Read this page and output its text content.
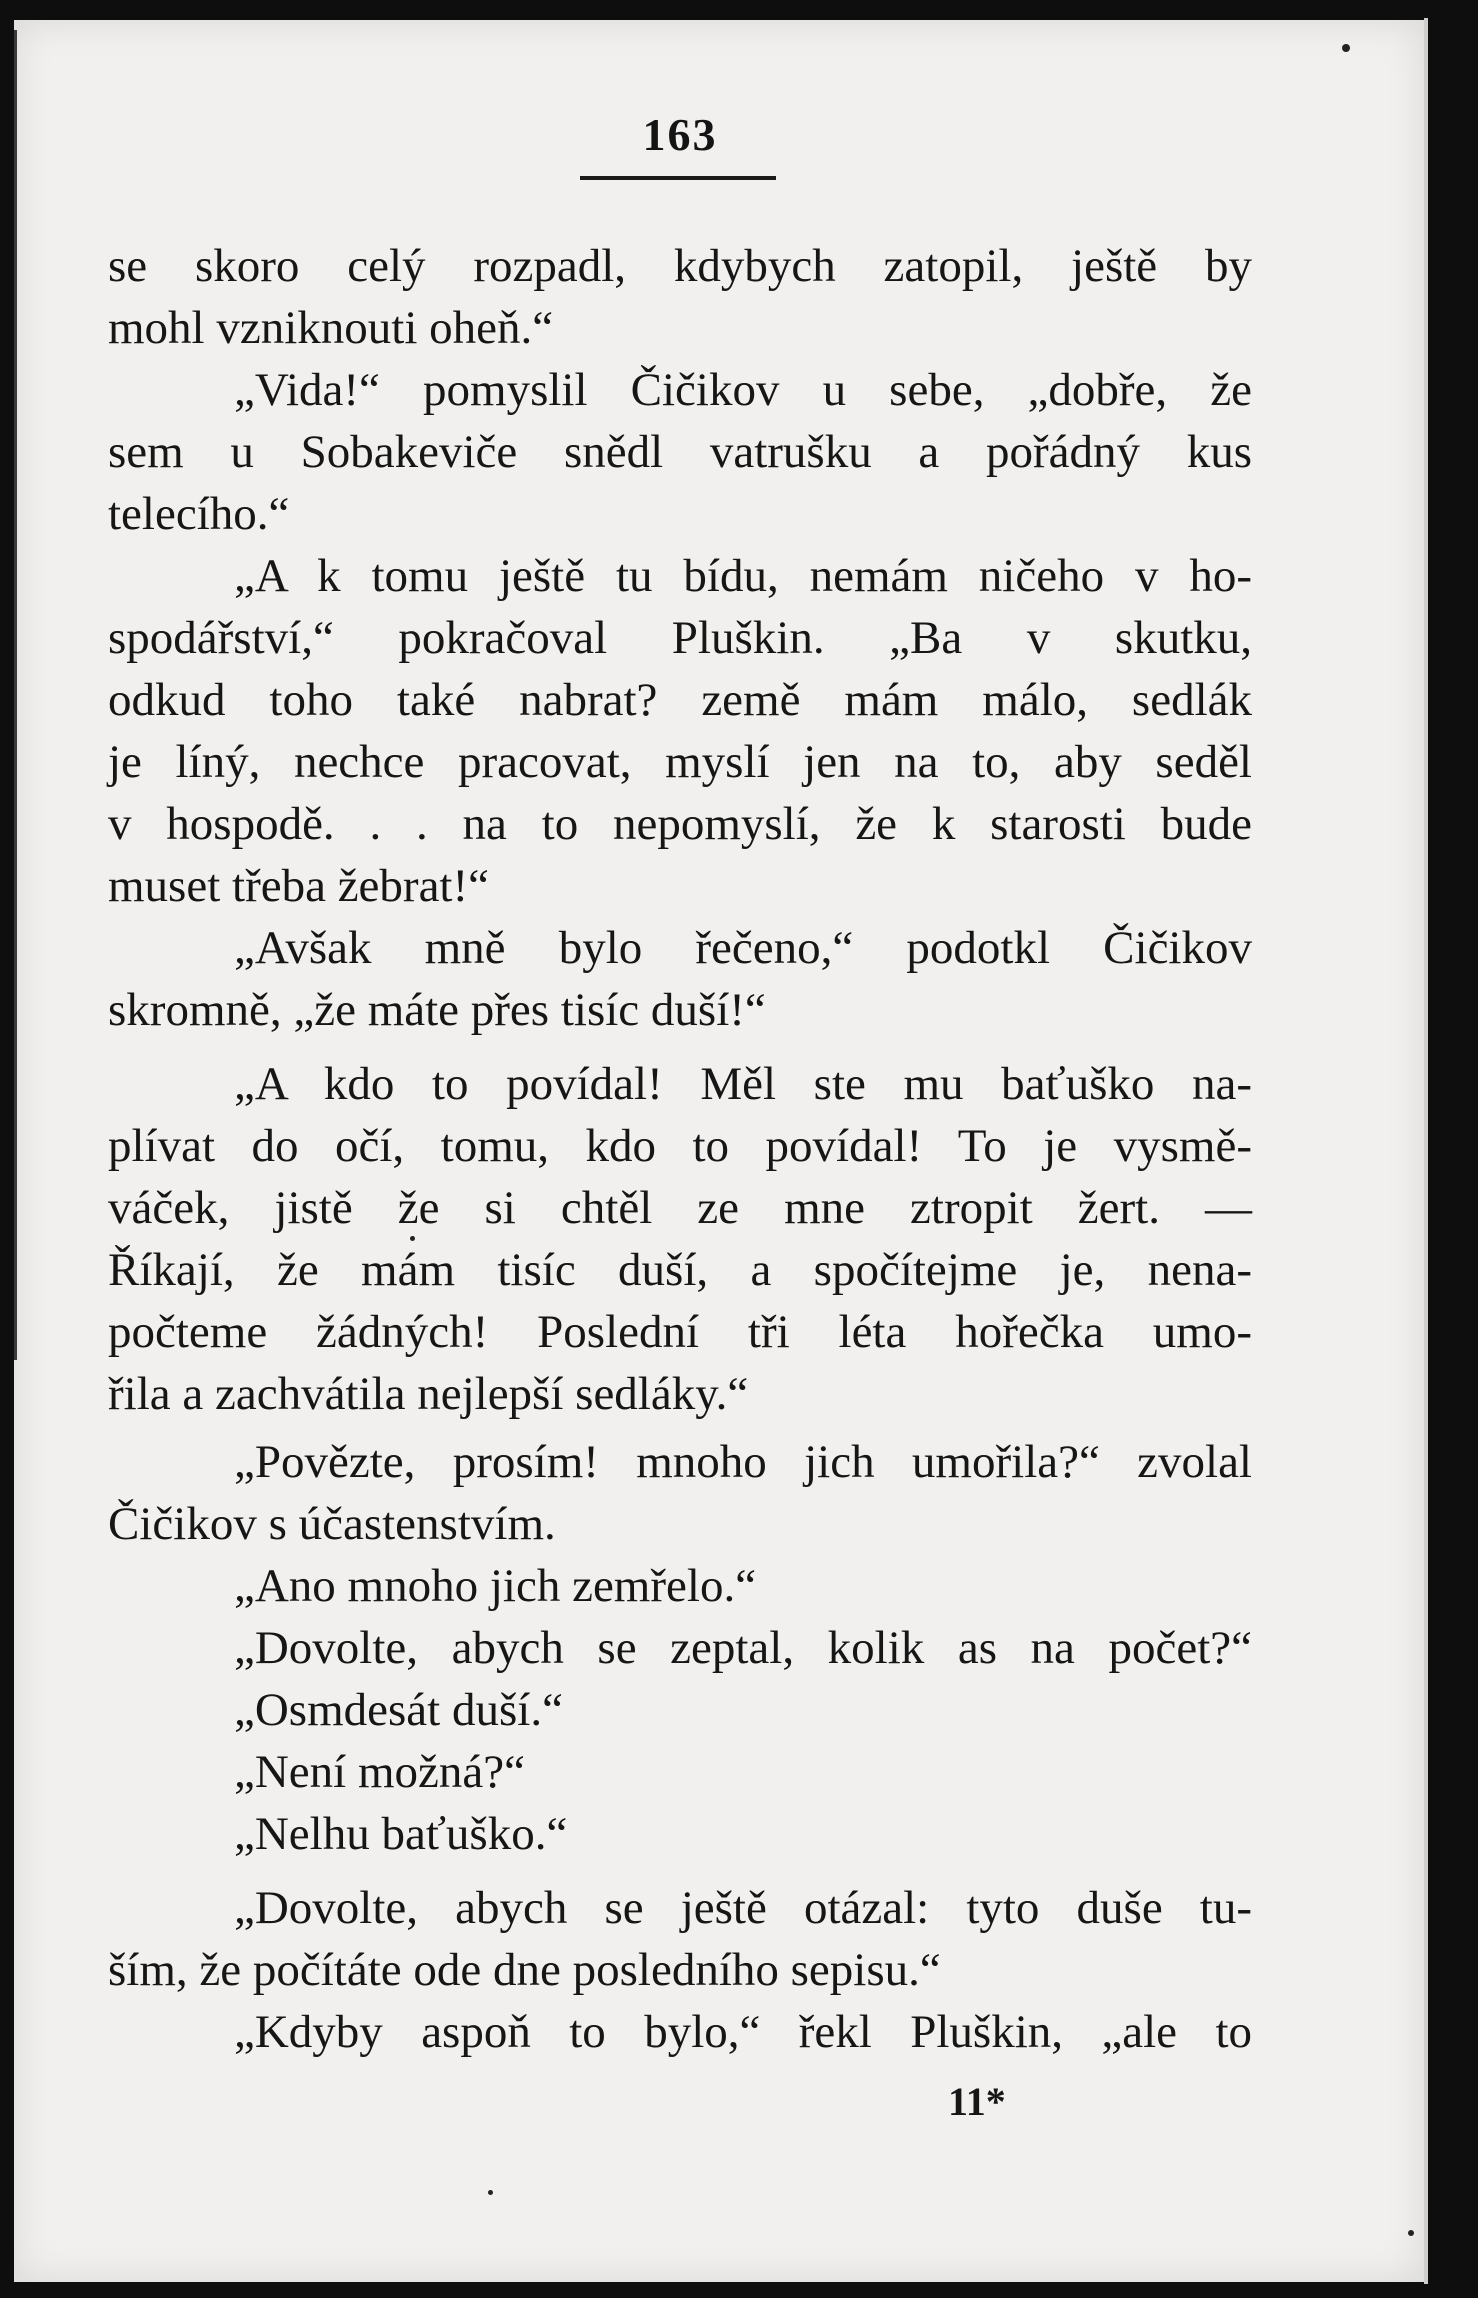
163
se skoro celý rozpadl, kdybych zatopil, ještě by
mohl vzniknouti oheň.“
„Vida!“ pomyslil Čičikov u sebe, „dobře, že
sem u Sobakeviče snědl vatrušku a pořádný kus
telecího.“
„A k tomu ještě tu bídu, nemám ničeho v ho-
spodářství,“ pokračoval Pluškin. „Ba v skutku,
odkud toho také nabrat? země mám málo, sedlák
je líný, nechce pracovat, myslí jen na to, aby seděl
v hospodě. . . na to nepomyslí, že k starosti bude
muset třeba žebrat!“
„Avšak mně bylo řečeno,“ podotkl Čičikov
skromně, „že máte přes tisíc duší!“
„A kdo to povídal! Měl ste mu baťuško na-
plívat do očí, tomu, kdo to povídal! To je vysmě-
váček, jistě že si chtěl ze mne ztropit žert. —
Říkají, že mám tisíc duší, a spočítejme je, nena-
počteme žádných! Poslední tři léta hořečka umo-
řila a zachvátila nejlepší sedláky.“
„Povězte, prosím! mnoho jich umořila?“ zvolal
Čičikov s účastenstvím.
„Ano mnoho jich zemřelo.“
„Dovolte, abych se zeptal, kolik as na počet?“
„Osmdesát duší.“
„Není možná?“
„Nelhu baťuško.“
„Dovolte, abych se ještě otázal: tyto duše tu-
ším, že počítáte ode dne posledního sepisu.“
„Kdyby aspoň to bylo,“ řekl Pluškin, „ale to
11*
